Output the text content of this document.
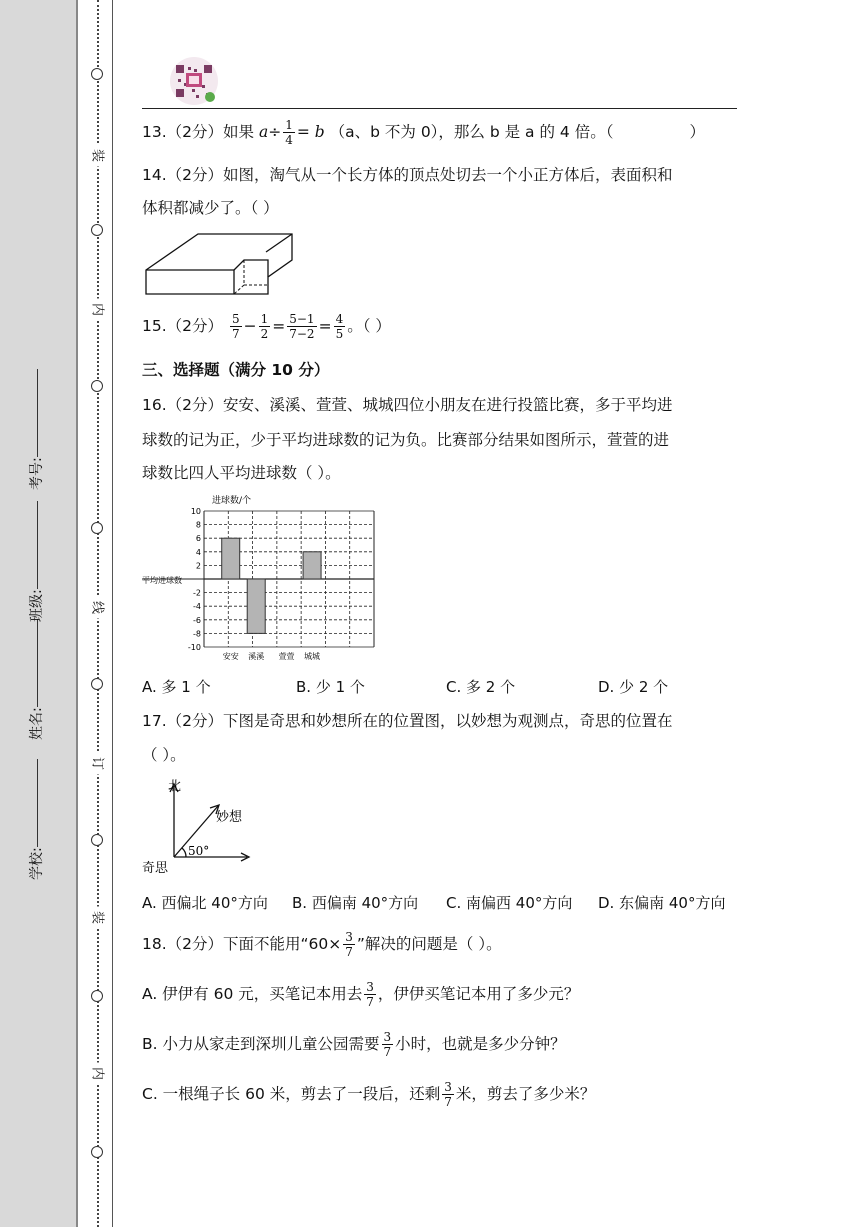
装
内
线
订
装
内
学校:
姓名:
班级:
考号:
13.（2分）如果 $a\div \frac{1}{4} = b$ （a、b 不为 0），那么 b 是 a 的 4 倍。（	）
14.（2分）如图，淘气从一个长方体的顶点处切去一个小正方体后，表面积和
体积都减少了。（ ）
15.（2分） $\frac{5}{7} - \frac{1}{2} = \frac{5-1}{7-2} = \frac{4}{5}$ 。（ ）
三、选择题（满分 10 分）
16.（2分）安安、溪溪、萱萱、城城四位小朋友在进行投篮比赛，多于平均进
球数的记为正，少于平均进球数的记为负。比赛部分结果如图所示，萱萱的进
球数比四人平均进球数（ ）。
进球数/个
平均进球数
10
8
6
4
2
-2
-4
-6
-8
-10
安安 溪溪 萱萱 城城
A. 多 1 个	B. 少 1 个	C. 多 2 个	D. 少 2 个
17.（2分）下图是奇思和妙想所在的位置图，以妙想为观测点，奇思的位置在
（ ）。
北
妙想
奇思
50°
A. 西偏北 40°方向 B. 西偏南 40°方向 C. 南偏西 40°方向 D. 东偏南 40°方向
18.（2分）下面不能用“$60\times \frac{3}{7}$ ”解决的问题是（ ）。
A. 伊伊有 60 元，买笔记本用去 $\frac{3}{7}$ ，伊伊买笔记本用了多少元？
B. 小力从家走到深圳儿童公园需要 $\frac{3}{7}$ 小时，也就是多少分钟？
C. 一根绳子长 60 米，剪去了一段后，还剩 $\frac{3}{7}$ 米，剪去了多少米？
